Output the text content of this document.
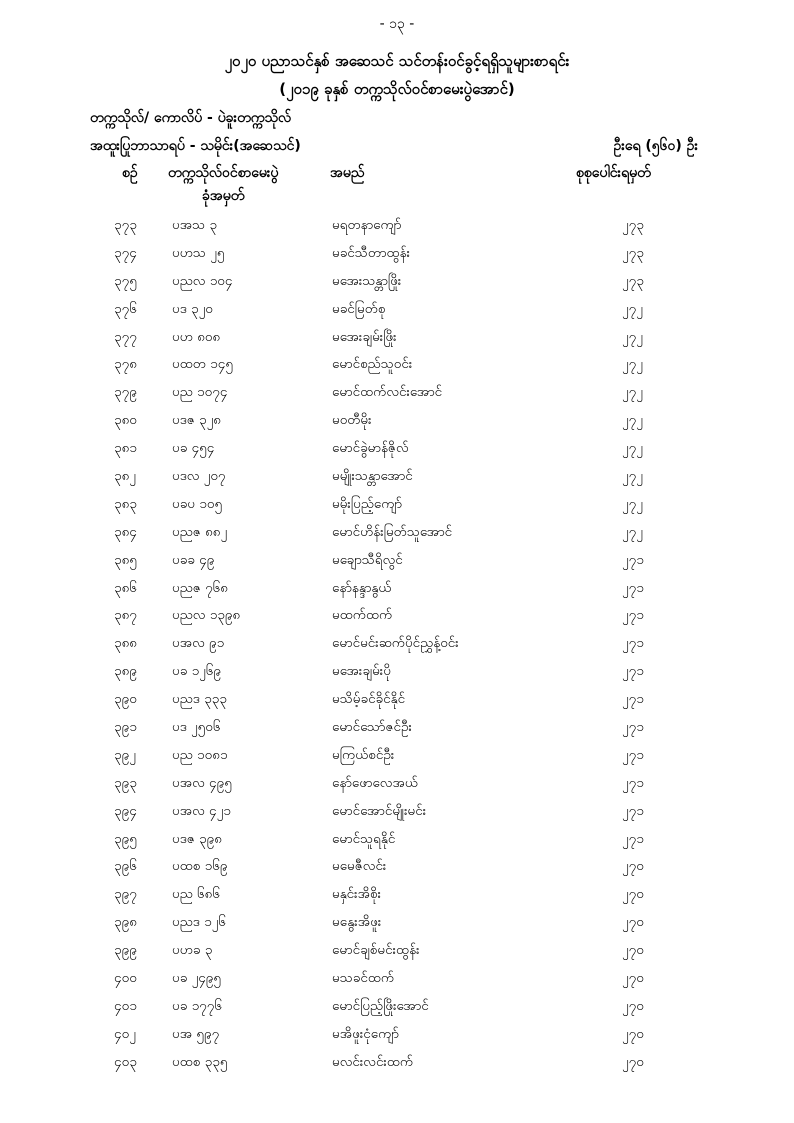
- ၁၃ -
၂၀၂၀ ပညာသင်နှစ် အဆေသင် သင်တန်းဝင်ခွင့်ရရှိသူများစာရင်း
(၂၀၁၉ ခုနှစ် တက္ကသိုလ်ဝင်စာမေးပွဲအောင်)
တက္ကသိုလ်/ ကောလိပ် - ပဲခူးတက္ကသိုလ်
အထူးပြုဘာသာရပ် - သမိုင်း(အဆေသင်)	ဦးရေ (၅၆၀) ဦး
စဉ် တက္ကသိုလ်ဝင်စာမေးပွဲ
ခုံအမှတ်
အမည်	စုစုပေါင်းရမှတ်
၃၇၃	ပအသ ၃	မရတနာကျော်	၂၇၃
၃၇၄	ပဟသ ၂၅	မခင်သီတာထွန်း	၂၇၃
၃၇၅	ပညလ ၁၀၄	မအေးသန္တာဖြိုး	၂၇၃
၃၇၆	ပဒ ၃၂၀	မခင်မြတ်စု	၂၇၂
၃၇၇	ပဟ ၈၀၈	မအေးချမ်းဖြိုး	၂၇၂
၃၇၈	ပထတ ၁၄၅	မောင်စည်သူဝင်း	၂၇၂
၃၇၉	ပည ၁၀၇၄	မောင်ထက်လင်းအောင်	၂၇၂
၃၈၀	ပဒဇ ၃၂၈	မဝတီမိုး	၂၇၂
၃၈၁	ပခ ၄၅၄	မောင်ခွဲမာန်ဇိုလ်	၂၇၂
၃၈၂	ပဒလ ၂၀၇	မမျိုးသန္တာအောင်	၂၇၂
၃၈၃	ပခပ ၁၀၅	မမိုးပြည့်ကျော်	၂၇၂
၃၈၄	ပညဇ ၈၈၂	မောင်ဟိန်းမြတ်သူအောင်	၂၇၂
၃၈၅	ပခခ ၄၉	မချောသီရိလွင်	၂၇၁
၃၈၆	ပညဇ ၇၆၈	နော်နန္ဒာနွယ်	၂၇၁
၃၈၇	ပညလ ၁၃၉၈	မထက်ထက်	၂၇၁
၃၈၈	ပအလ ၉၁	မောင်မင်းဆက်ပိုင်ညွှန့်ဝင်း	၂၇၁
၃၈၉	ပခ ၁၂၆၉	မအေးချမ်းပို	၂၇၁
၃၉၀	ပညဒ ၃၃၃	မသိမ့်ခင်ခိုင်နိုင်	၂၇၁
၃၉၁	ပဒ ၂၅၀၆	မောင်သော်ဇင်ဦး	၂၇၁
၃၉၂	ပည ၁၀၈၁	မကြယ်စင်ဦး	၂၇၁
၃၉၃	ပအလ ၄၉၅	နော်ဖောလေအယ်	၂၇၁
၃၉၄	ပအလ ၄၂၁	မောင်အောင်မျိုးမင်း	၂၇၁
၃၉၅	ပဒဇ ၃၉၈	မောင်သူရနိုင်	၂၇၁
၃၉၆	ပထစ ၁၆၉	မမေဇီလင်း	၂၇၀
၃၉၇	ပည ၆၈၆	မနှင်းအိစိုး	၂၇၀
၃၉၈	ပညဒ ၁၂၆	မနွေးအိဖူး	၂၇၀
၃၉၉	ပဟခ ၃	မောင်ချစ်မင်းထွန်း	၂၇၀
၄၀၀	ပခ ၂၄၉၅	မသခင်ထက်	၂၇၀
၄၀၁	ပခ ၁၇၇၆	မောင်ပြည့်ဖြိုးအောင်	၂၇၀
၄၀၂	ပအ ၅၉၇	မအိဖူးငုံကျော်	၂၇၀
၄၀၃	ပထစ ၃၃၅	မလင်းလင်းထက်	၂၇၀
